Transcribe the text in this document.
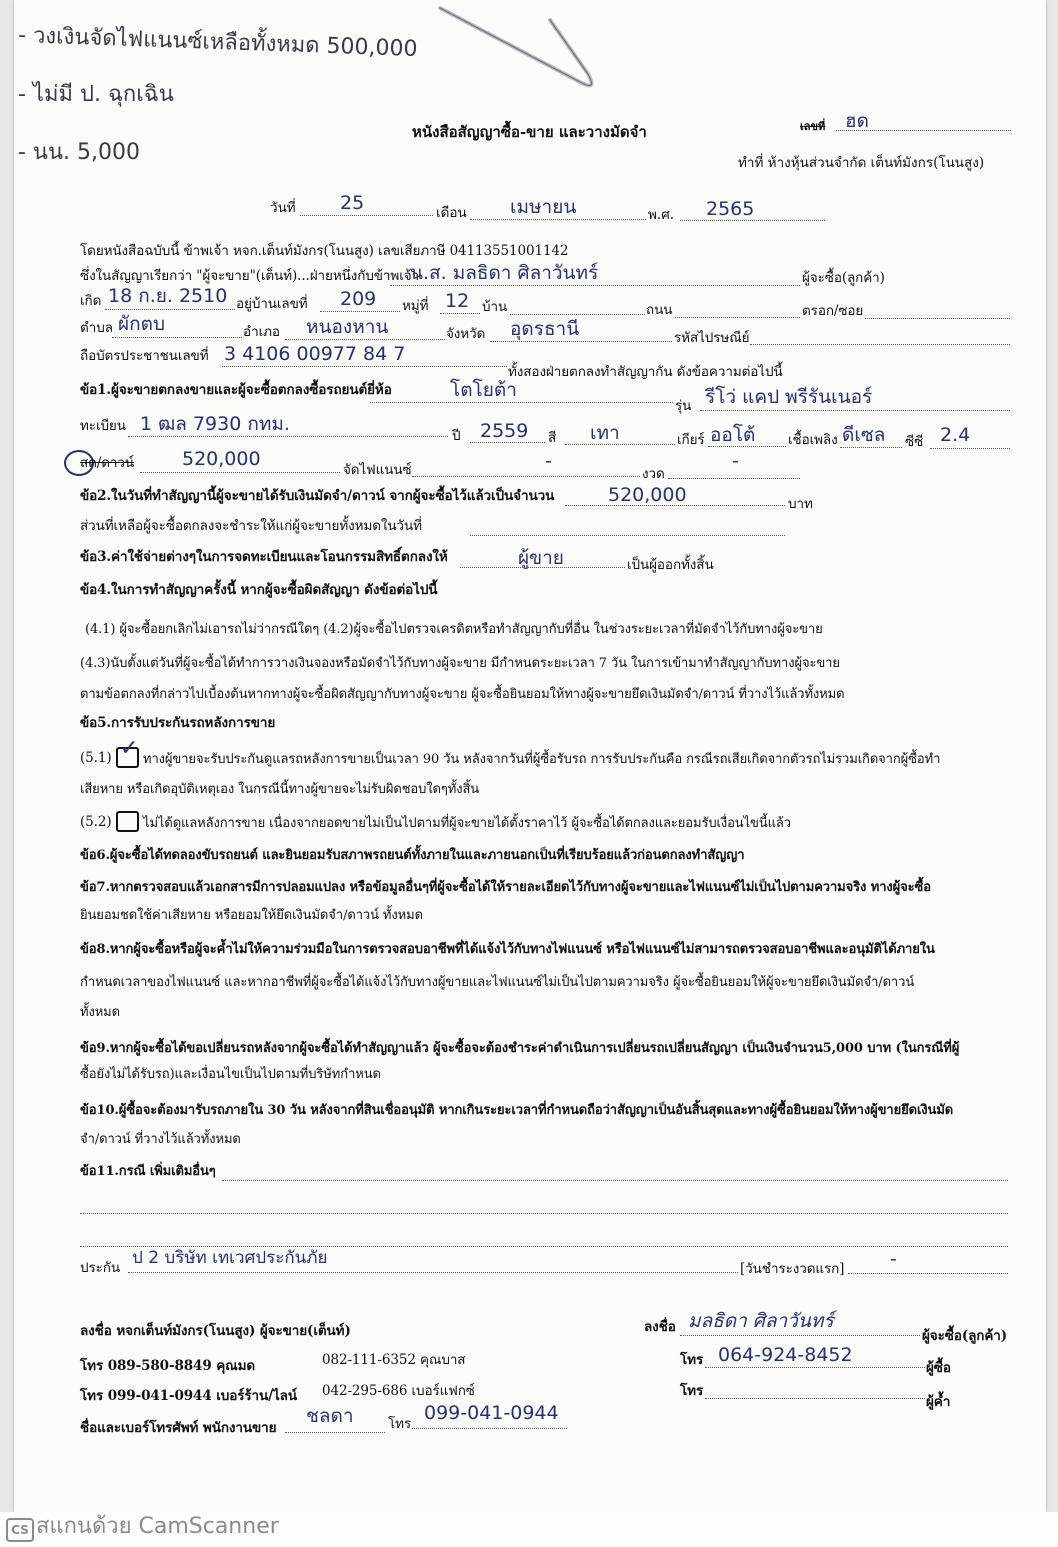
- วงเงินจัดไฟแนนซ์เหลือทั้งหมด 500,000
- ไม่มี ป. ฉุกเฉิน
- นน. 5,000
หนังสือสัญญาซื้อ-ขาย และวางมัดจำ	เลขที่ ฮด
ทำที่ ห้างหุ้นส่วนจำกัด เต็นท์มังกร(โนนสูง)
วันที่ 25	เดือน เมษายน	พ.ศ. 2565
โดยหนังสือฉบับนี้ ข้าพเจ้า หจก.เต็นท์มังกร(โนนสูง) เลขเสียภาษี 04113551001142
ซึ่งในสัญญาเรียกว่า "ผู้จะขาย"(เต็นท์)...ฝ่ายหนึ่งกับข้าพเจ้า
น.ส. มลธิดา ศิลาวันทร์	ผู้จะซื้อ(ลูกค้า)
เกิด 18 ก.ย. 2510 อยู่บ้านเลขที่ 209 หมู่ที่ 12 บ้าน	ถนน	ตรอก/ซอย
ตำบล ผักตบ	อำเภอ หนองหาน	จังหวัด อุดรธานี	รหัสไปรษณีย์
ถือบัตรประชาชนเลขที่ 3 4106 00977 84 7
ทั้งสองฝ่ายตกลงทำสัญญากัน ดังข้อความต่อไปนี้
ข้อ1.ผู้จะขายตกลงขายและผู้จะซื้อตกลงซื้อรถยนต์ยี่ห้อ	โตโยต้า
รุ่น รีโว่ แคป พรีรันเนอร์
ทะเบียน 1 ฒล 7930 กทม.
ปี 2559 สี เทา	เกียร์ ออโต้ เชื้อเพลิง ดีเซล ซีซี 2.4
สด/ดาวน์	520,000	จัดไฟแนนซ์	-
งวด
-
ข้อ2.ในวันที่ทำสัญญานี้ผู้จะขายได้รับเงินมัดจำ/ดาวน์ จากผู้จะซื้อไว้แล้วเป็นจำนวน	520,000	บาท
ส่วนที่เหลือผู้จะซื้อตกลงจะชำระให้แก่ผู้จะขายทั้งหมดในวันที่
ข้อ3.ค่าใช้จ่ายต่างๆในการจดทะเบียนและโอนกรรมสิทธิ์ตกลงให้	ผู้ขาย	เป็นผู้ออกทั้งสิ้น
ข้อ4.ในการทำสัญญาครั้งนี้ หากผู้จะซื้อผิดสัญญา ดังข้อต่อไปนี้
(4.1) ผู้จะซื้อยกเลิกไม่เอารถไม่ว่ากรณีใดๆ (4.2)ผู้จะซื้อไปตรวจเครดิตหรือทำสัญญากับที่อื่น ในช่วงระยะเวลาที่มัดจำไว้กับทางผู้จะขาย
(4.3)นับตั้งแต่วันที่ผู้จะซื้อได้ทำการวางเงินจองหรือมัดจำไว้กับทางผู้จะขาย มีกำหนดระยะเวลา 7 วัน ในการเข้ามาทำสัญญากับทางผู้จะขาย
ตามข้อตกลงที่กล่าวไปเบื้องต้นหากทางผู้จะซื้อผิดสัญญากับทางผู้จะขาย ผู้จะซื้อยินยอมให้ทางผู้จะขายยึดเงินมัดจำ/ดาวน์ ที่วางไว้แล้วทั้งหมด
ข้อ5.การรับประกันรถหลังการขาย
(5.1) ✓ ทางผู้ขายจะรับประกันดูแลรถหลังการขายเป็นเวลา 90 วัน หลังจากวันที่ผู้ซื้อรับรถ การรับประกันคือ กรณีรถเสียเกิดจากตัวรถไม่รวมเกิดจากผู้ซื้อทำ
เสียหาย หรือเกิดอุบัติเหตุเอง ในกรณีนี้ทางผู้ขายจะไม่รับผิดชอบใดๆทั้งสิ้น
(5.2) ไม่ได้ดูแลหลังการขาย เนื่องจากยอดขายไม่เป็นไปตามที่ผู้จะขายได้ตั้งราคาไว้ ผู้จะซื้อได้ตกลงและยอมรับเงื่อนไขนี้แล้ว
ข้อ6.ผู้จะซื้อได้ทดลองขับรถยนต์ และยินยอมรับสภาพรถยนต์ทั้งภายในและภายนอกเป็นที่เรียบร้อยแล้วก่อนตกลงทำสัญญา
ข้อ7.หากตรวจสอบแล้วเอกสารมีการปลอมแปลง หรือข้อมูลอื่นๆที่ผู้จะซื้อได้ให้รายละเอียดไว้กับทางผู้จะขายและไฟแนนซ์ไม่เป็นไปตามความจริง ทางผู้จะซื้อ
ยินยอมชดใช้ค่าเสียหาย หรือยอมให้ยึดเงินมัดจำ/ดาวน์ ทั้งหมด
ข้อ8.หากผู้จะซื้อหรือผู้จะค้ำไม่ให้ความร่วมมือในการตรวจสอบอาชีพที่ได้แจ้งไว้กับทางไฟแนนซ์ หรือไฟแนนซ์ไม่สามารถตรวจสอบอาชีพและอนุมัติได้ภายใน
กำหนดเวลาของไฟแนนซ์ และหากอาชีพที่ผู้จะซื้อได้แจ้งไว้กับทางผู้ขายและไฟแนนซ์ไม่เป็นไปตามความจริง ผู้จะซื้อยินยอมให้ผู้จะขายยึดเงินมัดจำ/ดาวน์
ทั้งหมด
ข้อ9.หากผู้จะซื้อได้ขอเปลี่ยนรถหลังจากผู้จะซื้อได้ทำสัญญาแล้ว ผู้จะซื้อจะต้องชำระค่าดำเนินการเปลี่ยนรถเปลี่ยนสัญญา เป็นเงินจำนวน5,000 บาท (ในกรณีที่ผู้
ซื้อยังไม่ได้รับรถ)และเงื่อนไขเป็นไปตามที่บริษัทกำหนด
ข้อ10.ผู้ซื้อจะต้องมารับรถภายใน 30 วัน หลังจากที่สินเชื่ออนุมัติ หากเกินระยะเวลาที่กำหนดถือว่าสัญญาเป็นอันสิ้นสุดและทางผู้ซื้อยินยอมให้ทางผู้ขายยึดเงินมัด
จำ/ดาวน์ ที่วางไว้แล้วทั้งหมด
ข้อ11.กรณี เพิ่มเติมอื่นๆ
ประกัน ป 2 บริษัท เทเวศประกันภัย
[วันชำระงวดแรก] -
ลงชื่อ หจกเต็นท์มังกร(โนนสูง) ผู้จะขาย(เต็นท์)
โทร 089-580-8849 คุณมด	082-111-6352 คุณบาส
โทร 099-041-0944 เบอร์ร้าน/ไลน์ 042-295-686 เบอร์แฟกซ์
ชื่อและเบอร์โทรศัพท์ พนักงานขาย
ชลดา	โทร 099-041-0944
ลงชื่อ มลธิดา ศิลาวันทร์
ผู้จะซื้อ(ลูกค้า)
โทร 064-924-8452
ผู้ซื้อ
โทร
ผู้ค้ำ
CS สแกนด้วย CamScanner
